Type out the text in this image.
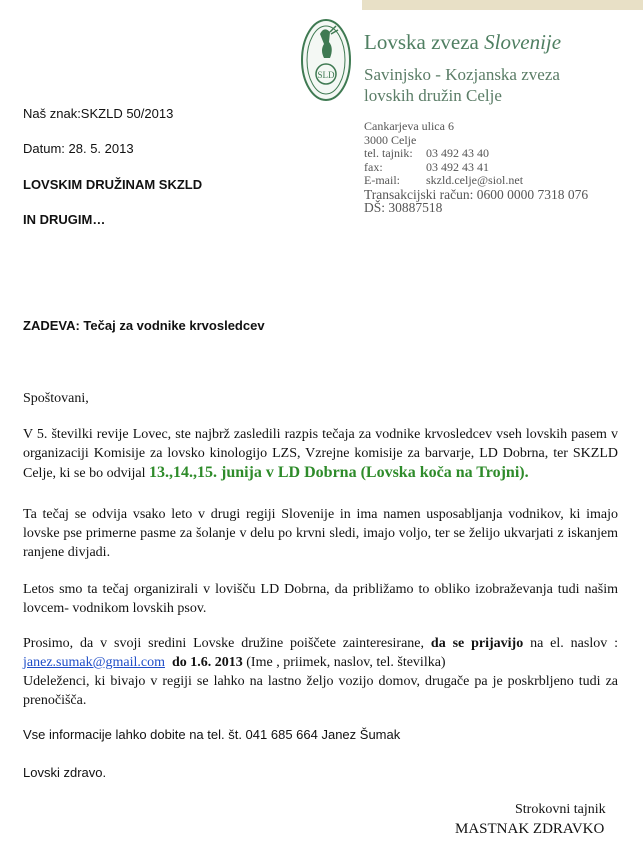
SLD
Lovska zveza Slovenije
Savinjsko - Kozjanska zveza
lovskih družin Celje
Cankarjeva ulica 6
3000 Celje
tel. tajnik: 03 492 43 40
fax:	03 492 43 41
E-mail: skzld.celje@siol.net
Transakcijski račun: 0600 0000 7318 076
DŠ: 30887518
Naš znak:SKZLD 50/2013
Datum: 28. 5. 2013
LOVSKIM DRUŽINAM SKZLD
IN DRUGIM…
ZADEVA: Tečaj za vodnike krvosledcev
Spoštovani,
V 5. številki revije Lovec, ste najbrž zasledili razpis tečaja za vodnike krvosledcev vseh lovskih pasem v organizaciji Komisije za lovsko kinologijo LZS, Vzrejne komisije za barvarje, LD Dobrna, ter SKZLD Celje, ki se bo odvijal 13.,14.,15. junija v LD Dobrna (Lovska koča na Trojni).
Ta tečaj se odvija vsako leto v drugi regiji Slovenije in ima namen usposabljanja vodnikov, ki imajo lovske pse primerne pasme za šolanje v delu po krvni sledi, imajo voljo, ter se želijo ukvarjati z iskanjem ranjene divjadi.
Letos smo ta tečaj organizirali v lovišču LD Dobrna, da približamo to obliko izobraževanja tudi našim lovcem- vodnikom lovskih psov.
Prosimo, da v svoji sredini Lovske družine poiščete zainteresirane, da se prijavijo na el. naslov : janez.sumak@gmail.com do 1.6. 2013 (Ime , priimek, naslov, tel. številka)
Udeleženci, ki bivajo v regiji se lahko na lastno željo vozijo domov, drugače pa je poskrbljeno tudi za prenočišča.
Vse informacije lahko dobite na tel. št. 041 685 664 Janez Šumak
Lovski zdravo.
Strokovni tajnik
MASTNAK ZDRAVKO
